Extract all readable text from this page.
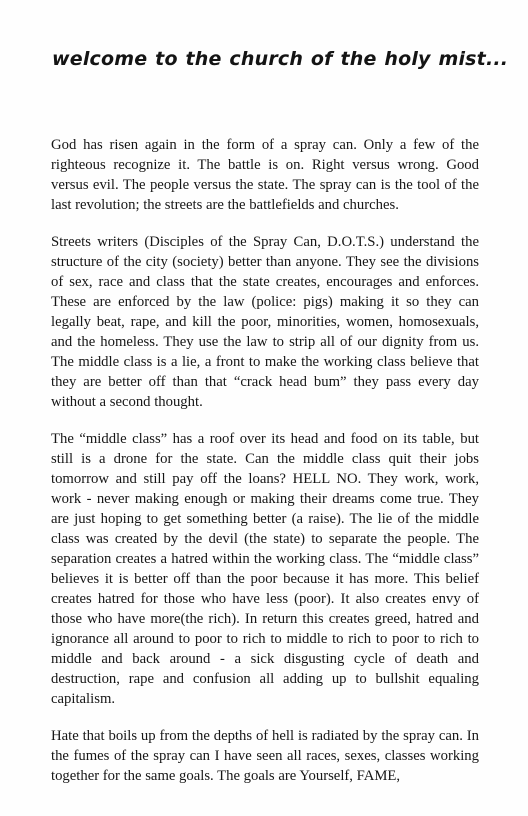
welcome to the church of the holy mist...

God has risen again in the form of a spray can. Only a few of the righteous recognize it. The battle is on. Right versus wrong. Good versus evil. The people versus the state. The spray can is the tool of the last revolution; the streets are the battlefields and churches.

Streets writers (Disciples of the Spray Can, D.O.T.S.) understand the structure of the city (society) better than anyone. They see the divisions of sex, race and class that the state creates, encourages and enforces. These are enforced by the law (police: pigs) making it so they can legally beat, rape, and kill the poor, minorities, women, homosexuals, and the homeless. They use the law to strip all of our dignity from us. The middle class is a lie, a front to make the working class believe that they are better off than that “crack head bum” they pass every day without a second thought.

The “middle class” has a roof over its head and food on its table, but still is a drone for the state. Can the middle class quit their jobs tomorrow and still pay off the loans? HELL NO. They work, work, work - never making enough or making their dreams come true. They are just hoping to get something better (a raise). The lie of the middle class was created by the devil (the state) to separate the people. The separation creates a hatred within the working class. The “middle class” believes it is better off than the poor because it has more. This belief creates hatred for those who have less (poor). It also creates envy of those who have more(the rich). In return this creates greed, hatred and ignorance all around to poor to rich to middle to rich to poor to rich to middle and back around - a sick disgusting cycle of death and destruction, rape and confusion all adding up to bullshit equaling capitalism.

Hate that boils up from the depths of hell is radiated by the spray can. In the fumes of the spray can I have seen all races, sexes, classes working together for the same goals. The goals are Yourself, FAME,
